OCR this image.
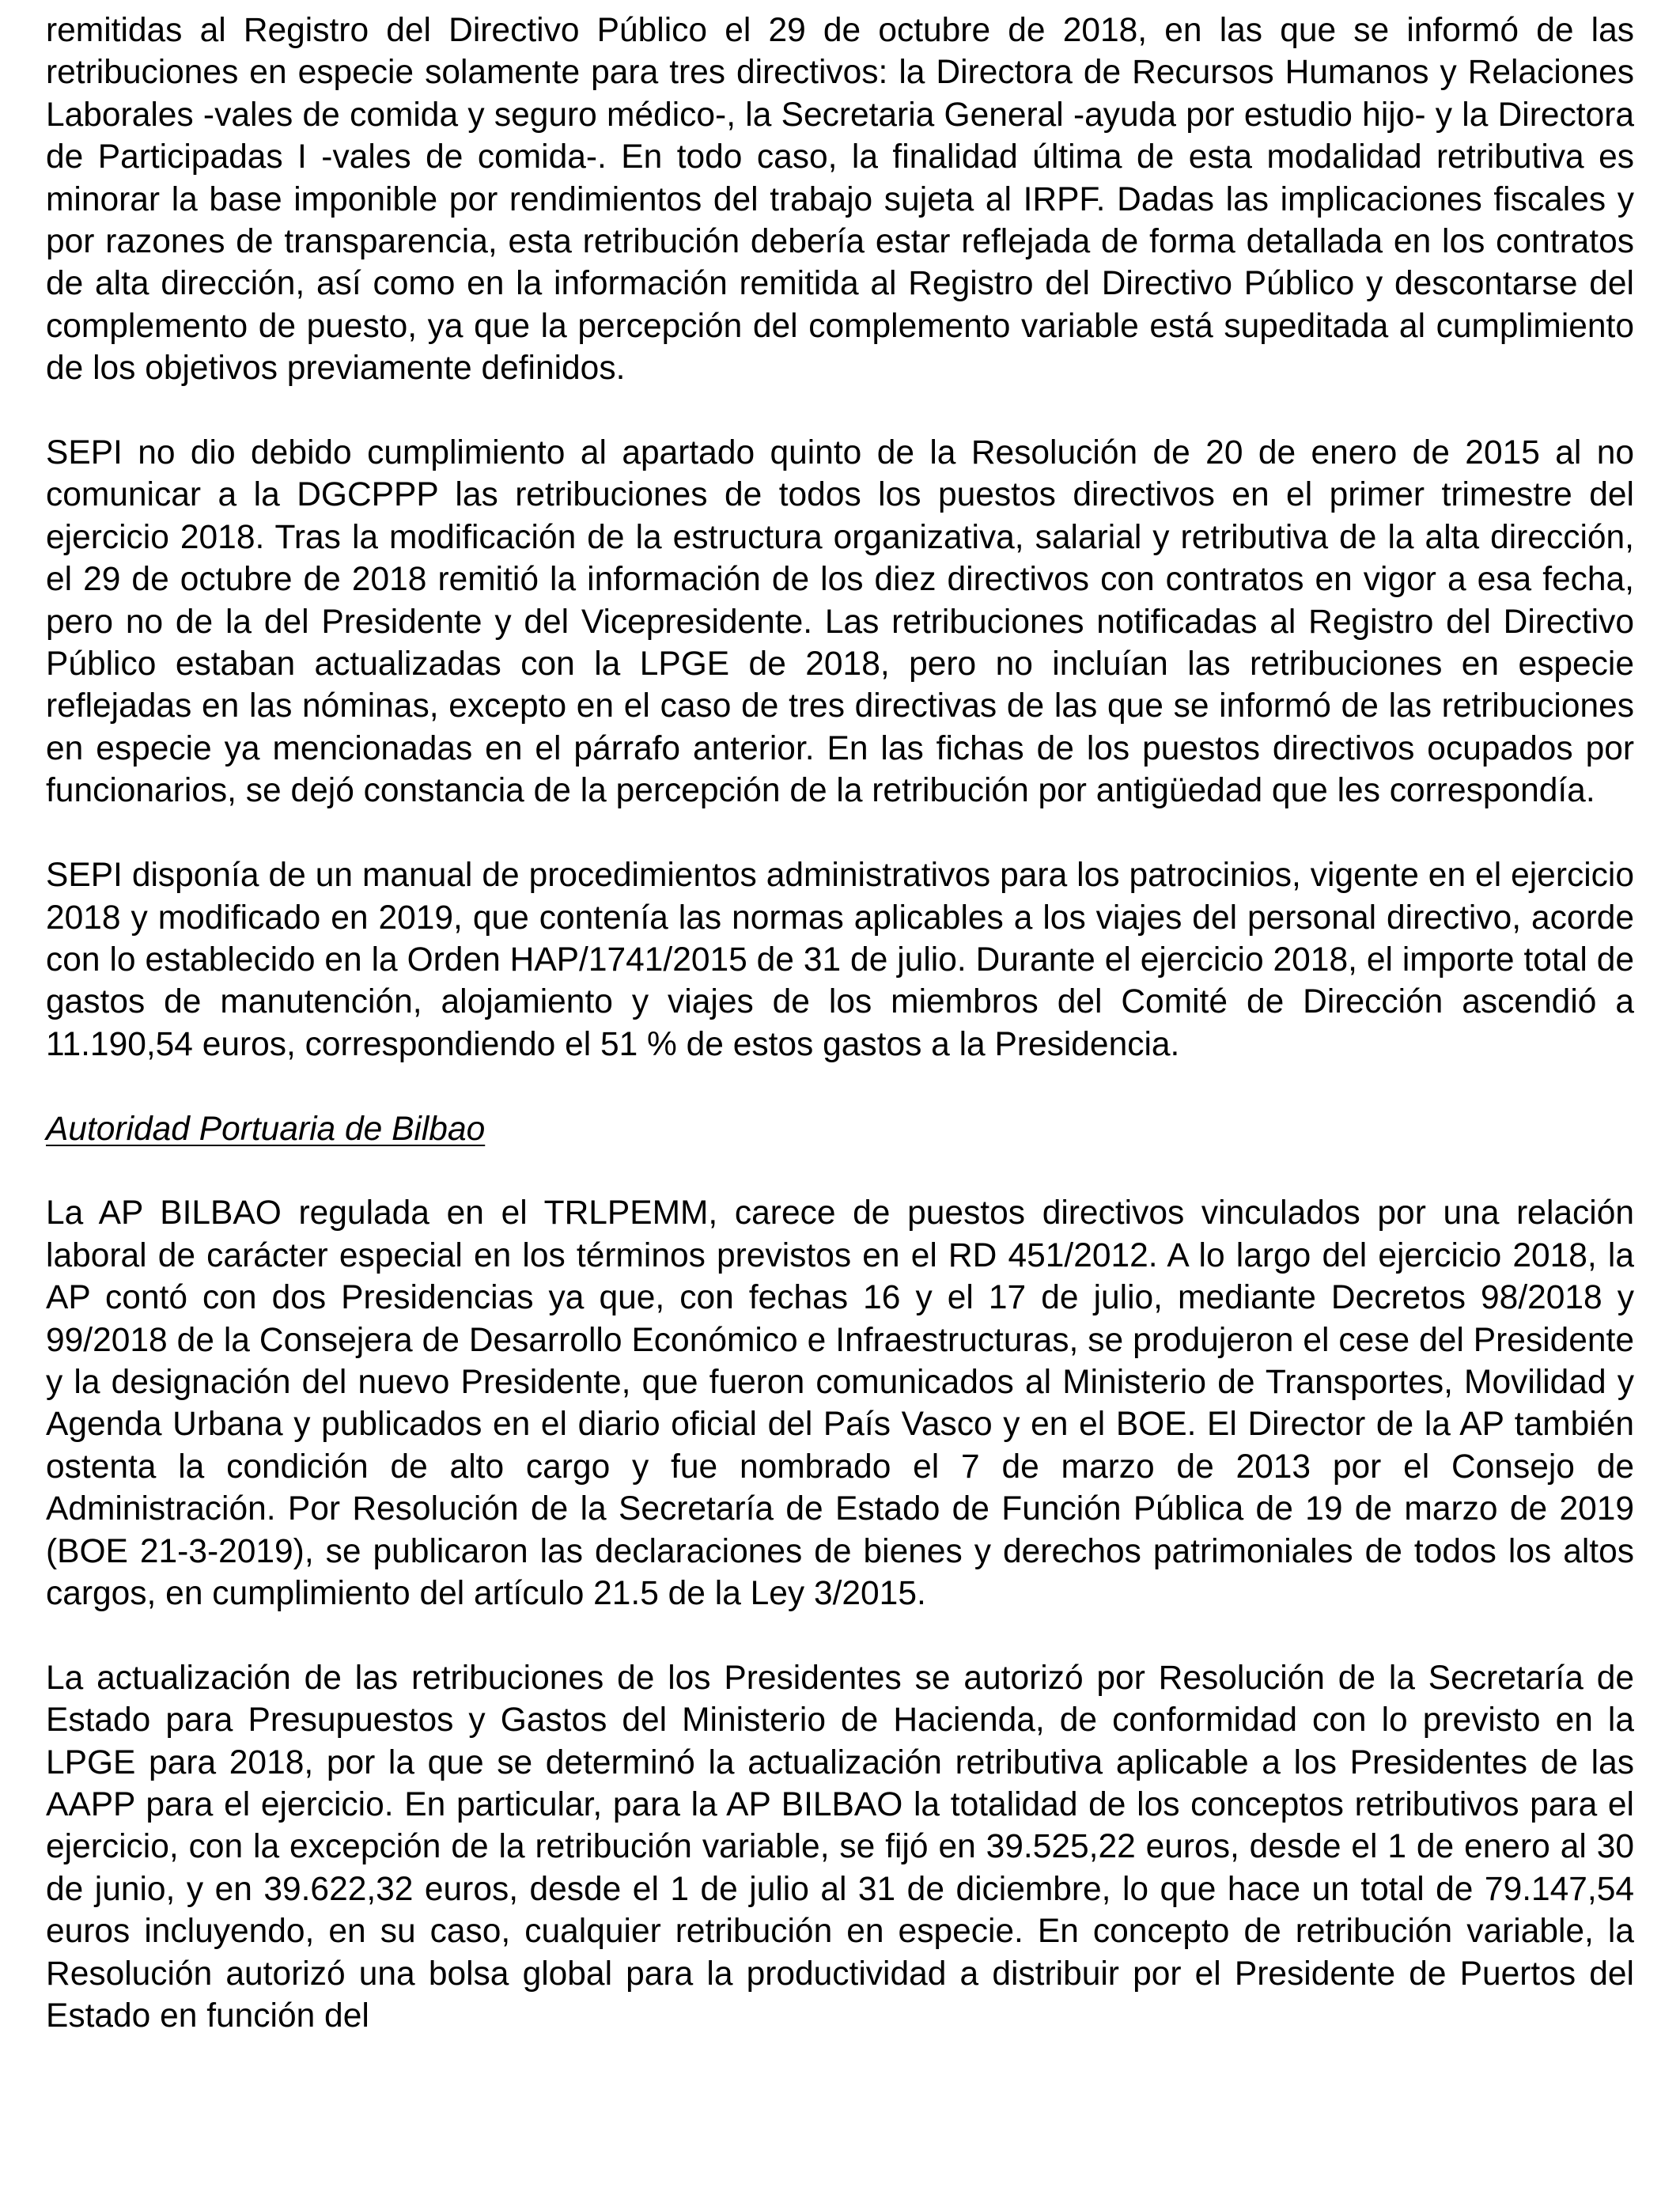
remitidas al Registro del Directivo Público el 29 de octubre de 2018, en las que se informó de las retribuciones en especie solamente para tres directivos: la Directora de Recursos Humanos y Relaciones Laborales -vales de comida y seguro médico-, la Secretaria General -ayuda por estudio hijo- y la Directora de Participadas I -vales de comida-. En todo caso, la finalidad última de esta modalidad retributiva es minorar la base imponible por rendimientos del trabajo sujeta al IRPF. Dadas las implicaciones fiscales y por razones de transparencia, esta retribución debería estar reflejada de forma detallada en los contratos de alta dirección, así como en la información remitida al Registro del Directivo Público y descontarse del complemento de puesto, ya que la percepción del complemento variable está supeditada al cumplimiento de los objetivos previamente definidos.

SEPI no dio debido cumplimiento al apartado quinto de la Resolución de 20 de enero de 2015 al no comunicar a la DGCPPP las retribuciones de todos los puestos directivos en el primer trimestre del ejercicio 2018. Tras la modificación de la estructura organizativa, salarial y retributiva de la alta dirección, el 29 de octubre de 2018 remitió la información de los diez directivos con contratos en vigor a esa fecha, pero no de la del Presidente y del Vicepresidente. Las retribuciones notificadas al Registro del Directivo Público estaban actualizadas con la LPGE de 2018, pero no incluían las retribuciones en especie reflejadas en las nóminas, excepto en el caso de tres directivas de las que se informó de las retribuciones en especie ya mencionadas en el párrafo anterior. En las fichas de los puestos directivos ocupados por funcionarios, se dejó constancia de la percepción de la retribución por antigüedad que les correspondía.

SEPI disponía de un manual de procedimientos administrativos para los patrocinios, vigente en el ejercicio 2018 y modificado en 2019, que contenía las normas aplicables a los viajes del personal directivo, acorde con lo establecido en la Orden HAP/1741/2015 de 31 de julio. Durante el ejercicio 2018, el importe total de gastos de manutención, alojamiento y viajes de los miembros del Comité de Dirección ascendió a 11.190,54 euros, correspondiendo el 51 % de estos gastos a la Presidencia.

Autoridad Portuaria de Bilbao

La AP BILBAO regulada en el TRLPEMM, carece de puestos directivos vinculados por una relación laboral de carácter especial en los términos previstos en el RD 451/2012. A lo largo del ejercicio 2018, la AP contó con dos Presidencias ya que, con fechas 16 y el 17 de julio, mediante Decretos 98/2018 y 99/2018 de la Consejera de Desarrollo Económico e Infraestructuras, se produjeron el cese del Presidente y la designación del nuevo Presidente, que fueron comunicados al Ministerio de Transportes, Movilidad y Agenda Urbana y publicados en el diario oficial del País Vasco y en el BOE. El Director de la AP también ostenta la condición de alto cargo y fue nombrado el 7 de marzo de 2013 por el Consejo de Administración. Por Resolución de la Secretaría de Estado de Función Pública de 19 de marzo de 2019 (BOE 21-3-2019), se publicaron las declaraciones de bienes y derechos patrimoniales de todos los altos cargos, en cumplimiento del artículo 21.5 de la Ley 3/2015.

La actualización de las retribuciones de los Presidentes se autorizó por Resolución de la Secretaría de Estado para Presupuestos y Gastos del Ministerio de Hacienda, de conformidad con lo previsto en la LPGE para 2018, por la que se determinó la actualización retributiva aplicable a los Presidentes de las AAPP para el ejercicio. En particular, para la AP BILBAO la totalidad de los conceptos retributivos para el ejercicio, con la excepción de la retribución variable, se fijó en 39.525,22 euros, desde el 1 de enero al 30 de junio, y en 39.622,32 euros, desde el 1 de julio al 31 de diciembre, lo que hace un total de 79.147,54 euros incluyendo, en su caso, cualquier retribución en especie. En concepto de retribución variable, la Resolución autorizó una bolsa global para la productividad a distribuir por el Presidente de Puertos del Estado en función del
